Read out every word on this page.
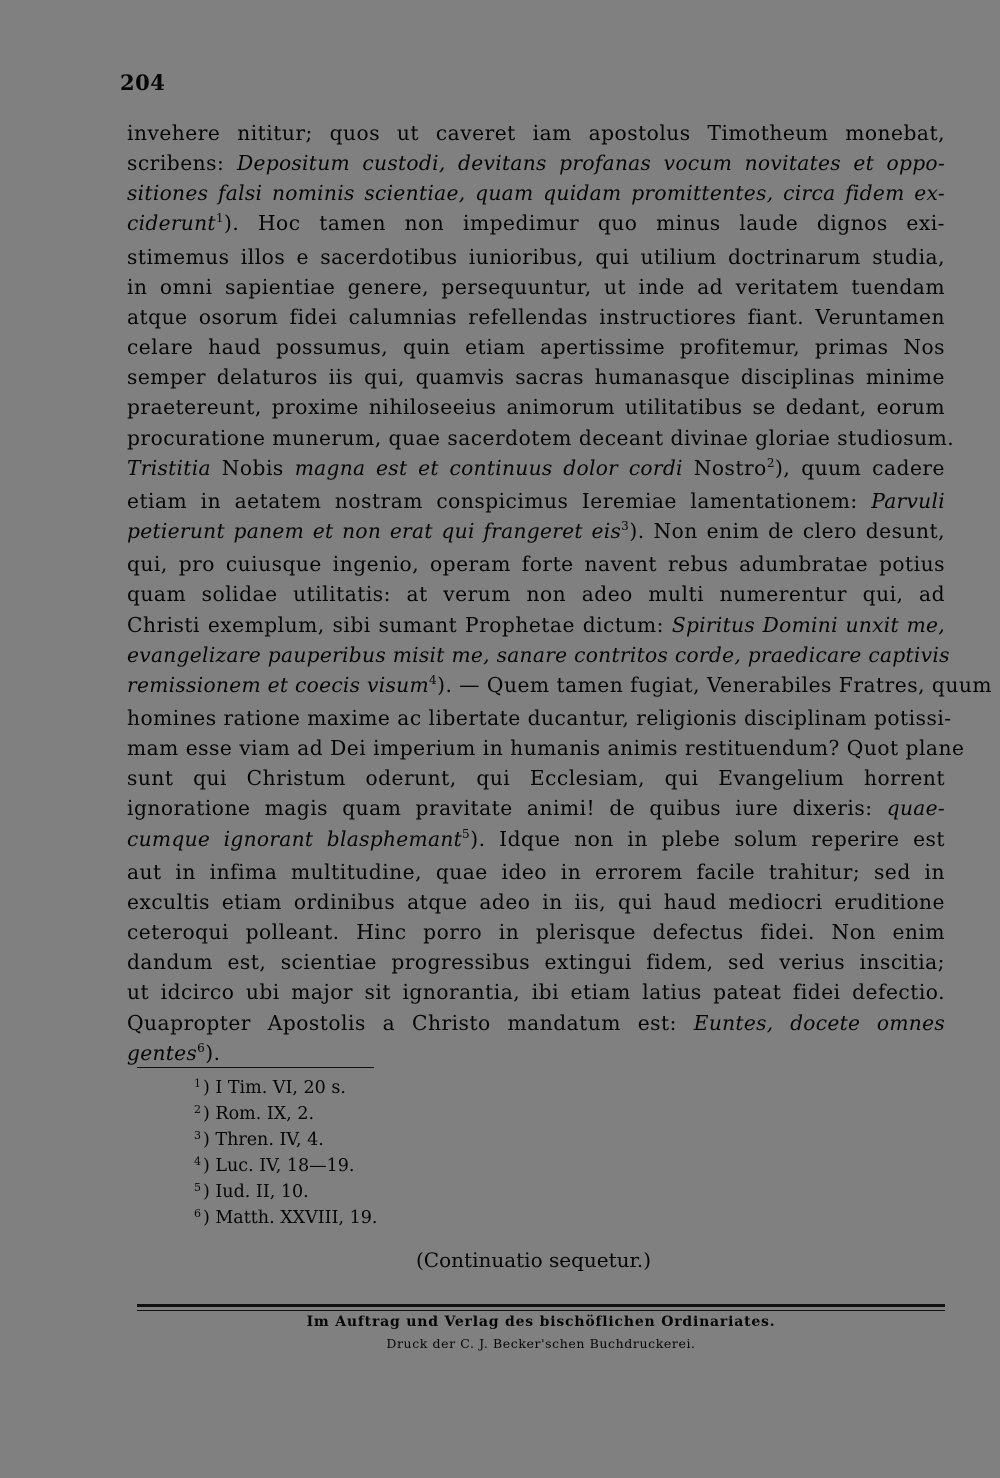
204
invehere nititur; quos ut caveret iam apostolus Timotheum monebat,
scribens: Depositum custodi, devitans profanas vocum novitates et oppo-
sitiones falsi nominis scientiae, quam quidam promittentes, circa fidem ex-
ciderunt$^1$). Hoc tamen non impedimur quo minus laude dignos exi-
stimemus illos e sacerdotibus iunioribus, qui utilium doctrinarum studia,
in omni sapientiae genere, persequuntur, ut inde ad veritatem tuendam
atque osorum fidei calumnias refellendas instructiores fiant. Veruntamen
celare haud possumus, quin etiam apertissime profitemur, primas Nos
semper delaturos iis qui, quamvis sacras humanasque disciplinas minime
praetereunt, proxime nihiloseeius animorum utilitatibus se dedant, eorum
procuratione munerum, quae sacerdotem deceant divinae gloriae studiosum.
Tristitia Nobis magna est et continuus dolor cordi Nostro$^2$), quum cadere
etiam in aetatem nostram conspicimus Ieremiae lamentationem: Parvuli
petierunt panem et non erat qui frangeret eis$^3$). Non enim de clero desunt,
qui, pro cuiusque ingenio, operam forte navent rebus adumbratae potius
quam solidae utilitatis: at verum non adeo multi numerentur qui, ad
Christi exemplum, sibi sumant Prophetae dictum: Spiritus Domini unxit me,
evangelizare pauperibus misit me, sanare contritos corde, praedicare captivis
remissionem et coecis visum$^4$). — Quem tamen fugiat, Venerabiles Fratres, quum
homines ratione maxime ac libertate ducantur, religionis disciplinam potissi-
mam esse viam ad Dei imperium in humanis animis restituendum? Quot plane
sunt qui Christum oderunt, qui Ecclesiam, qui Evangelium horrent
ignoratione magis quam pravitate animi! de quibus iure dixeris: quae-
cumque ignorant blasphemant$^5$). Idque non in plebe solum reperire est
aut in infima multitudine, quae ideo in errorem facile trahitur; sed in
excultis etiam ordinibus atque adeo in iis, qui haud mediocri eruditione
ceteroqui polleant. Hinc porro in plerisque defectus fidei. Non enim
dandum est, scientiae progressibus extingui fidem, sed verius inscitia;
ut idcirco ubi major sit ignorantia, ibi etiam latius pateat fidei defectio.
Quapropter Apostolis a Christo mandatum est: Euntes, docete omnes
gentes$^6$).
$^1$ ) I Tim. VI, 20 s.
$^2$ ) Rom. IX, 2.
$^3$ ) Thren. IV, 4.
$^4$ ) Luc. IV, 18—19.
$^5$ ) Iud. II, 10.
$^6$ ) Matth. XXVIII, 19.
(Continuatio sequetur.)
Im Auftrag und Verlag des bischöflichen Ordinariates.
Druck der C. J. Becker'schen Buchdruckerei.
